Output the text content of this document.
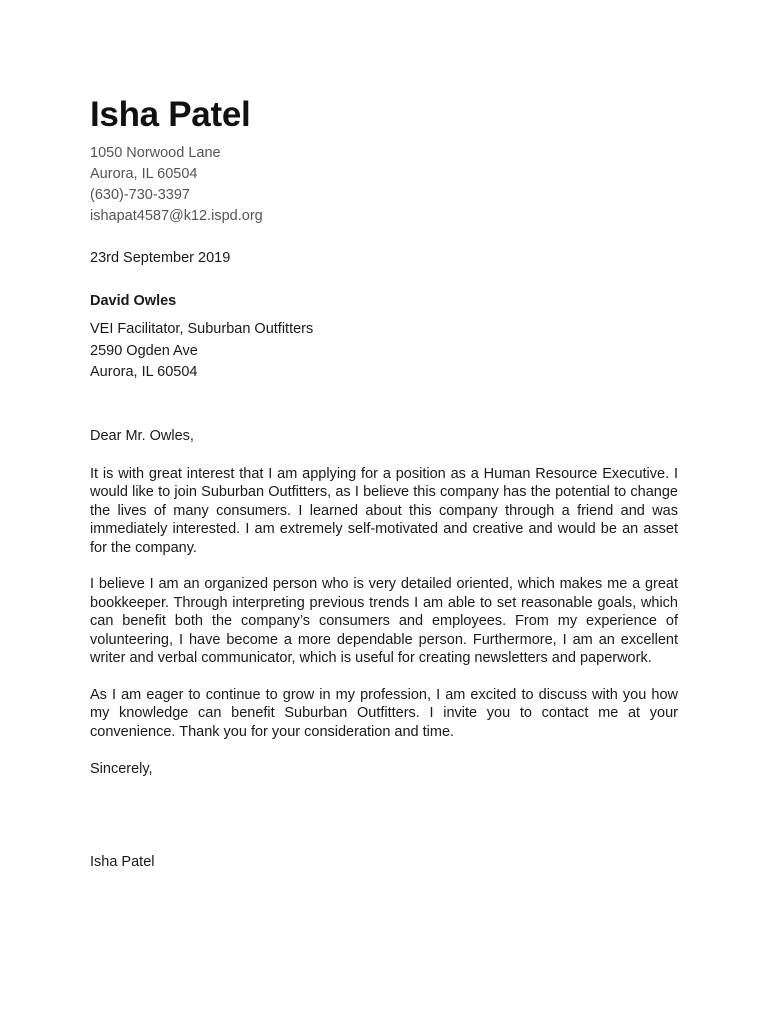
Isha Patel
1050 Norwood Lane
Aurora, IL 60504
(630)-730-3397
ishapat4587@k12.ispd.org
23rd September 2019
David Owles
VEI Facilitator, Suburban Outfitters
2590 Ogden Ave
Aurora, IL 60504
Dear Mr. Owles,
It is with great interest that I am applying for a position as a Human Resource Executive. I would like to join Suburban Outfitters, as I believe this company has the potential to change the lives of many consumers. I learned about this company through a friend and was immediately interested. I am extremely self-motivated and creative and would be an asset for the company.
I believe I am an organized person who is very detailed oriented, which makes me a great bookkeeper. Through interpreting previous trends I am able to set reasonable goals, which can benefit both the company’s consumers and employees. From my experience of volunteering, I have become a more dependable person. Furthermore, I am an excellent writer and verbal communicator, which is useful for creating newsletters and paperwork.
As I am eager to continue to grow in my profession, I am excited to discuss with you how my knowledge can benefit Suburban Outfitters. I invite you to contact me at your convenience. Thank you for your consideration and time.
Sincerely,
Isha Patel
